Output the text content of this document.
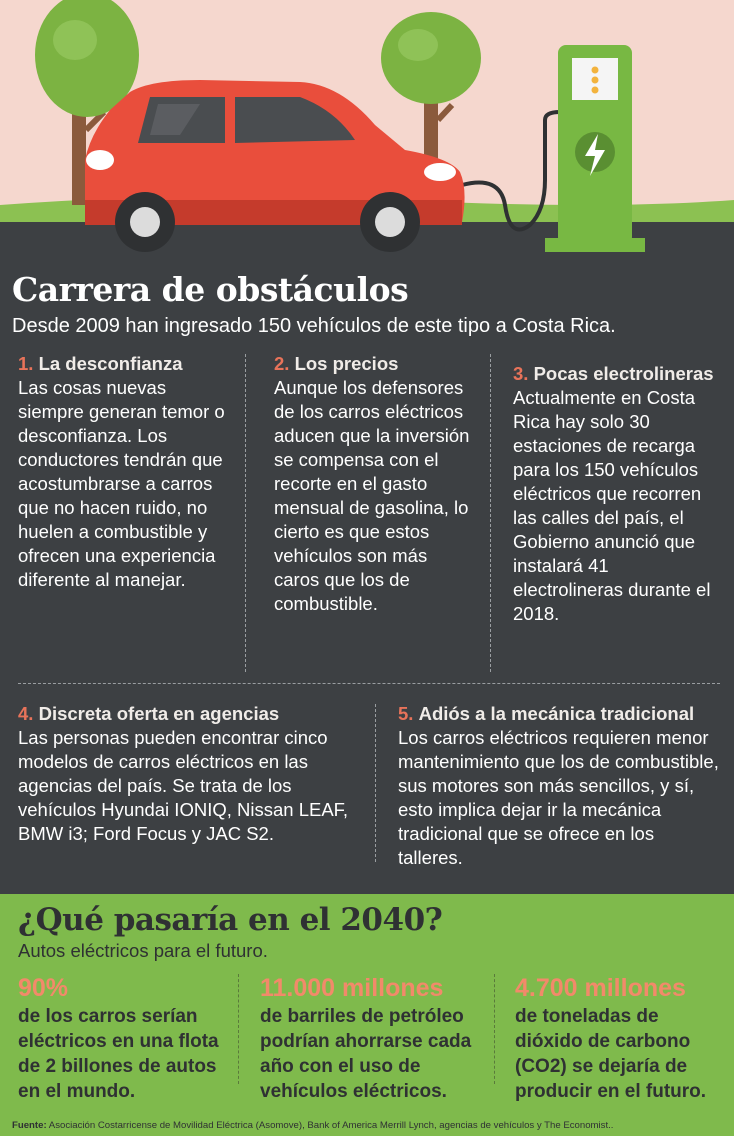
Carrera de obstáculos

Desde 2009 han ingresado 150 vehículos de este tipo a Costa Rica.

1. La desconfianza

Las cosas nuevas siempre generan temor o desconfianza. Los conductores tendrán que acostumbrarse a carros que no hacen ruido, no huelen a combustible y ofrecen una experiencia diferente al manejar.

2. Los precios

Aunque los defensores de los carros eléctricos aducen que la inversión se compensa con el recorte en el gasto mensual de gasolina, lo cierto es que estos vehículos son más caros que los de combustible.

3. Pocas electrolineras

Actualmente en Costa Rica hay solo 30 estaciones de recarga para los 150 vehículos eléctricos que recorren las calles del país, el Gobierno anunció que instalará 41 electrolineras durante el 2018.

4. Discreta oferta en agencias

Las personas pueden encontrar cinco modelos de carros eléctricos en las agencias del país. Se trata de los vehículos Hyundai IONIQ, Nissan LEAF, BMW i3; Ford Focus y JAC S2.

5. Adiós a la mecánica tradicional

Los carros eléctricos requieren menor mantenimiento que los de combustible, sus motores son más sencillos, y sí, esto implica dejar ir la mecánica tradicional que se ofrece en los talleres.

¿Qué pasaría en el 2040?

Autos eléctricos para el futuro.

90%
de los carros serían eléctricos en una flota de 2 billones de autos en el mundo.
11.000 millones
de barriles de petróleo podrían ahorrarse cada año con el uso de vehículos eléctricos.
4.700 millones
de toneladas de dióxido de carbono (CO2) se dejaría de producir en el futuro.
Fuente: Asociación Costarricense de Movilidad Eléctrica (Asomove), Bank of America Merrill Lynch, agencias de vehículos y The Economist..
